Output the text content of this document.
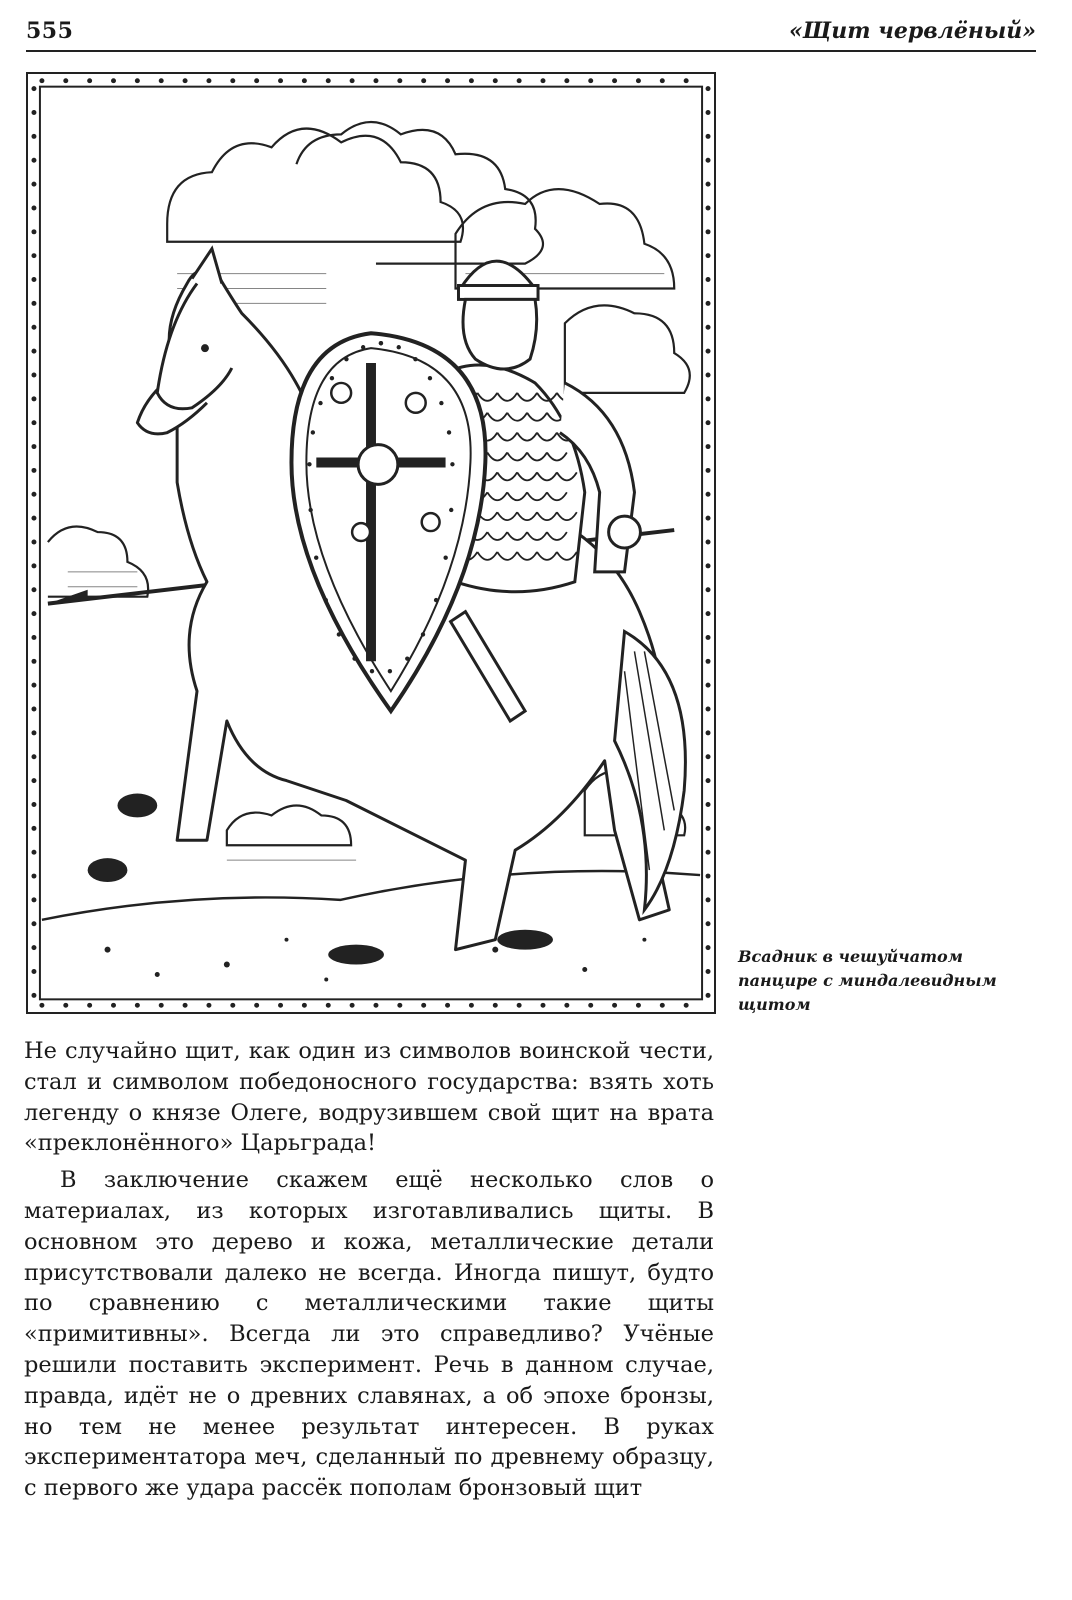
555	«Щит червлёный»
Всадник в чешуйчатом панцире с миндалевидным щитом

Не случайно щит, как один из символов воинской чести, стал и символом победоносного государства: взять хоть легенду о князе Олеге, водрузившем свой щит на врата «преклонённого» Царьграда!

В заключение скажем ещё несколько слов о материалах, из которых изготавливались щиты. В основном это дерево и кожа, металлические детали присутствовали далеко не всегда. Иногда пишут, будто по сравнению с металлическими такие щиты «примитивны». Всегда ли это справедливо? Учёные решили поставить эксперимент. Речь в данном случае, правда, идёт не о древних славянах, а об эпохе бронзы, но тем не менее результат интересен. В руках экспериментатора меч, сделанный по древнему образцу, с первого же удара рассёк пополам бронзовый щит
